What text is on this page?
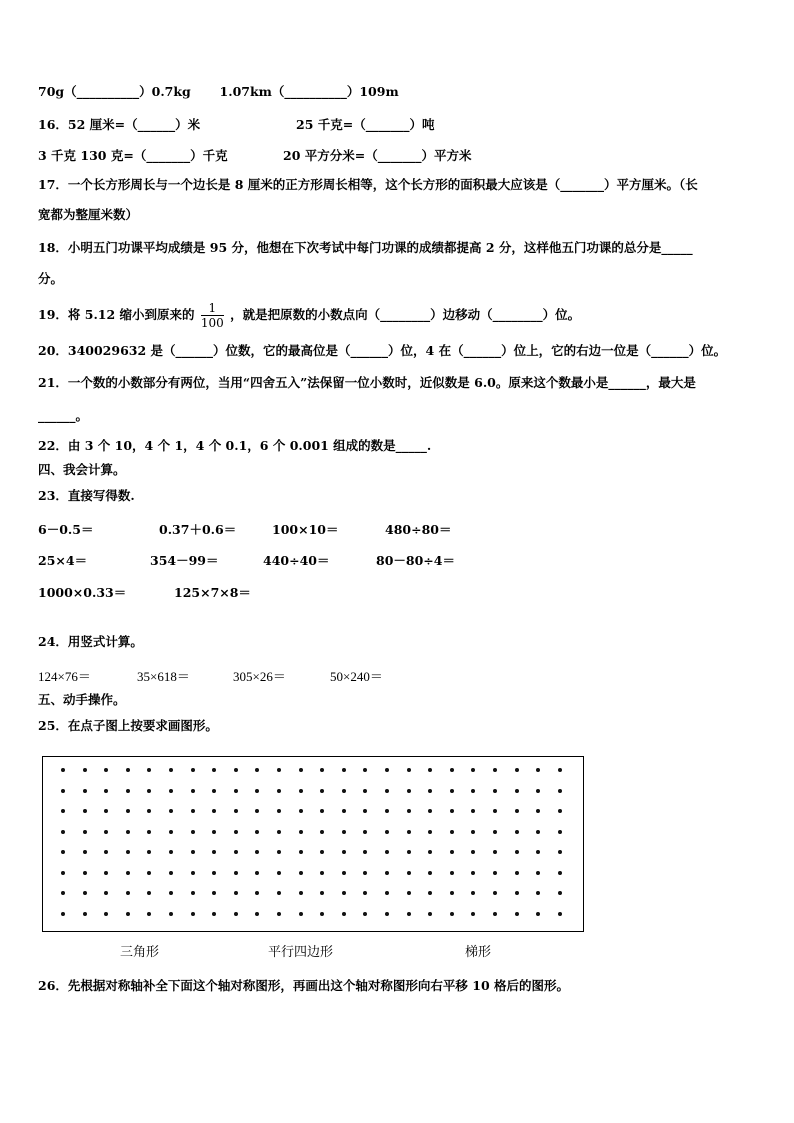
70g（__________）0.7kg 1.07km（__________）109m
16．52 厘米=（______）米	25 千克=（_______）吨
3 千克 130 克=（_______）千克	20 平方分米=（_______）平方米
17．一个长方形周长与一个边长是 8 厘米的正方形周长相等，这个长方形的面积最大应该是（_______）平方厘米。（长
宽都为整厘米数）
18．小明五门功课平均成绩是 95 分，他想在下次考试中每门功课的成绩都提高 2 分，这样他五门功课的总分是_____
分。
19．将 5.12 缩小到原来的 $\frac{1}{100}$ ，就是把原数的小数点向（________）边移动（________）位。
20．340029632 是（______）位数，它的最高位是（______）位，4 在（______）位上，它的右边一位是（______）位。
21．一个数的小数部分有两位，当用“四舍五入”法保留一位小数时，近似数是 6.0。原来这个数最小是______，最大是
______。
22．由 3 个 10，4 个 1，4 个 0.1，6 个 0.001 组成的数是_____.
四、我会计算。
23．直接写得数.
6－0.5＝	0.37＋0.6＝	100×10＝	480÷80＝
25×4＝	354－99＝	440÷40＝	80－80÷4＝
1000×0.33＝	125×7×8＝
24．用竖式计算。
124×76＝	35×618＝	305×26＝	50×240＝
五、动手操作。
25．在点子图上按要求画图形。
三角形	平行四边形	梯形
26．先根据对称轴补全下面这个轴对称图形，再画出这个轴对称图形向右平移 10 格后的图形。
